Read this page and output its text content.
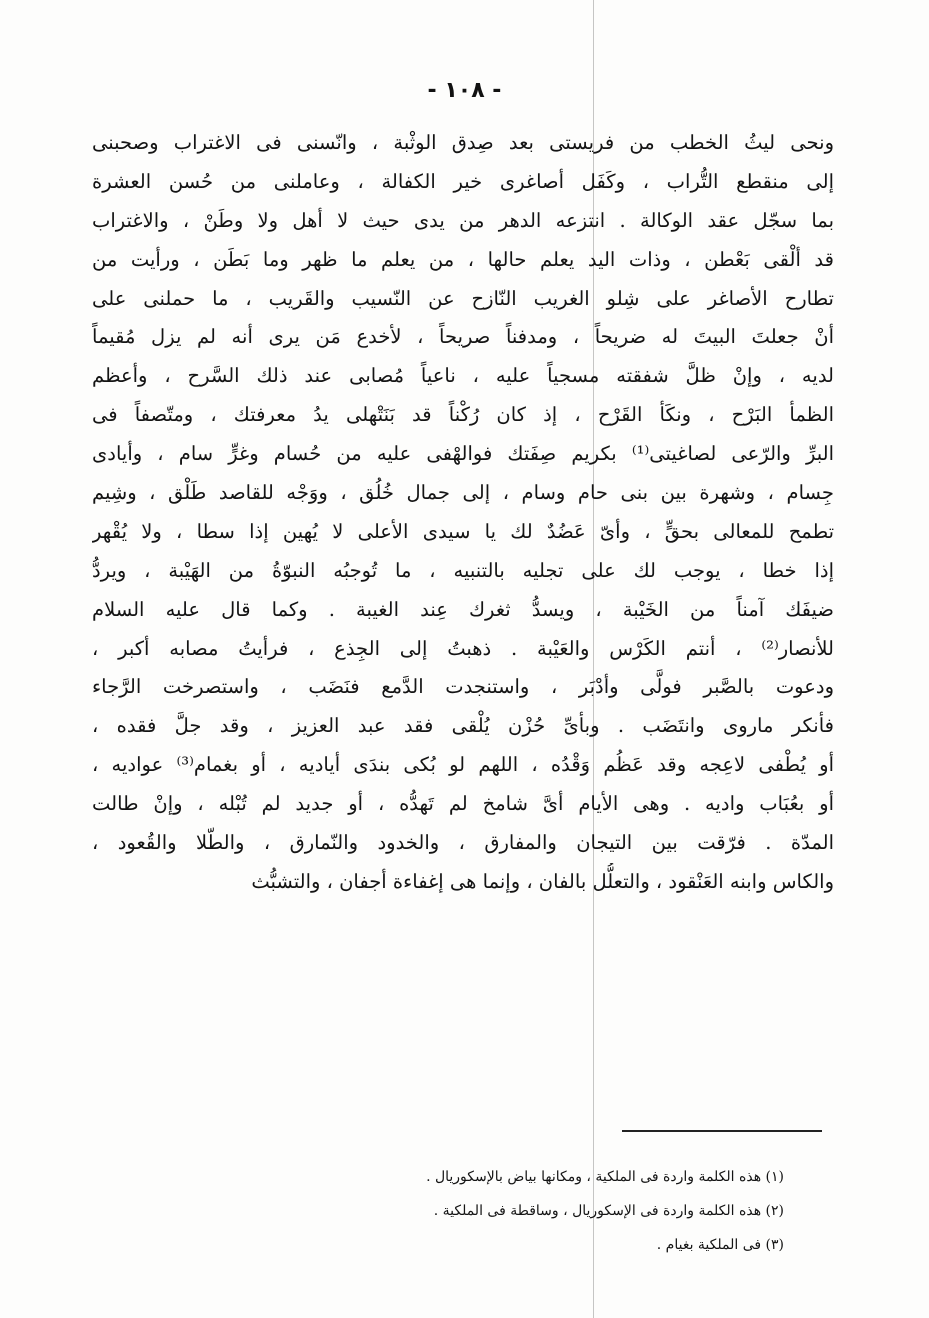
- ١٠٨ -
ونحى ليثُ الخطب من فريستى بعد صِدق الوثْبة ، وانّسنى فى الاغتراب وصحبنى
إلى منقطع التُّراب ، وكَفَل أصاغرى خير الكفالة ، وعاملنى من حُسن العشرة
بما سجّل عقد الوكالة . انتزعه الدهر من يدى حيث لا أهل ولا وطَنْ ، والاغتراب
قد ألْقى بَعْطن ، وذات اليد يعلم حالها ، من يعلم ما ظهر وما بَطَن ، ورأيت من
تطارح الأصاغر على شِلو الغريب النّازح عن النّسيب والقَريب ، ما حملنى على
أنْ جعلتَ البيتَ له ضريحاً ، ومدفناً صريحاً ، لأخدع مَن يرى أنه لم يزل مُقيماً
لديه ، وإنْ ظلَّ شفقته مسجياً عليه ، ناعياً مُصابى عند ذلك السَّرح ، وأعظم
الظمأ البَرْح ، ونكَأ القَرْح ، إذ كان رُكْناً قد بَنَتْهلى يدُ معرفتك ، ومتّصفاً فى
البرِّ والرّعى لصاغيتى⁽¹⁾ بكريم صِفَتك فوالهْفى عليه من حُسام وغرٍّ سام ، وأيادى
جِسام ، وشهرة بين بنى حام وسام ، إلى جمال خُلُق ، ووَجْه للقاصد طَلْق ، وشِيم
تطمح للمعالى بحقٍّ ، وأىّ عَضُدٌ لك يا سيدى الأعلى لا يُهين إذا سطا ، ولا يُقْهر
إذا خطا ، يوجب لك على تجليه بالتنبيه ، ما تُوجبُه النبوّةُ من الهَيْبة ، ويردُّ
ضيفَك آمناً من الخَيْبة ، ويسدُّ ثغرك عِند الغيبة . وكما قال عليه السلام
للأنصار⁽²⁾ ، أنتم الكَرْس والعَيْبة . ذهبتُ إلى الجِذع ، فرأيتُ مصابه أكبر ،
ودعوت بالصَّبر فولَّى وأدْبَر ، واستنجدت الدَّمع فنَضَب ، واستصرخت الرَّجاء
فأنكر ماروى وانتَضَب . وبأىِّ حُزْن يُلْقى فقد عبد العزيز ، وقد جلَّ فقده ،
أو يُطْفى لاعِجه وقد عَظُم وَقْدُه ، اللهم لو بُكى بندَى أياديه ، أو بغمام⁽³⁾ عواديه ،
أو بعُبَاب واديه . وهى الأيام أىَّ شامخ لم تَهدُّه ، أو جديد لم تُبْله ، وإنْ طالت
المدّة . فرّقت بين التيجان والمفارق ، والخدود والنّمارق ، والطّلا والقُعود ،
والكاس وابنه العَنْقود ، والتعلُّل بالفان ، وإنما هى إغفاءة أجفان ، والتشبُّث
(١) هذه الكلمة واردة فى الملكية ، ومكانها بياض بالإسكوريال .
(٢) هذه الكلمة واردة فى الإسكوريال ، وساقطة فى الملكية .
(٣) فى الملكية بغيام .
